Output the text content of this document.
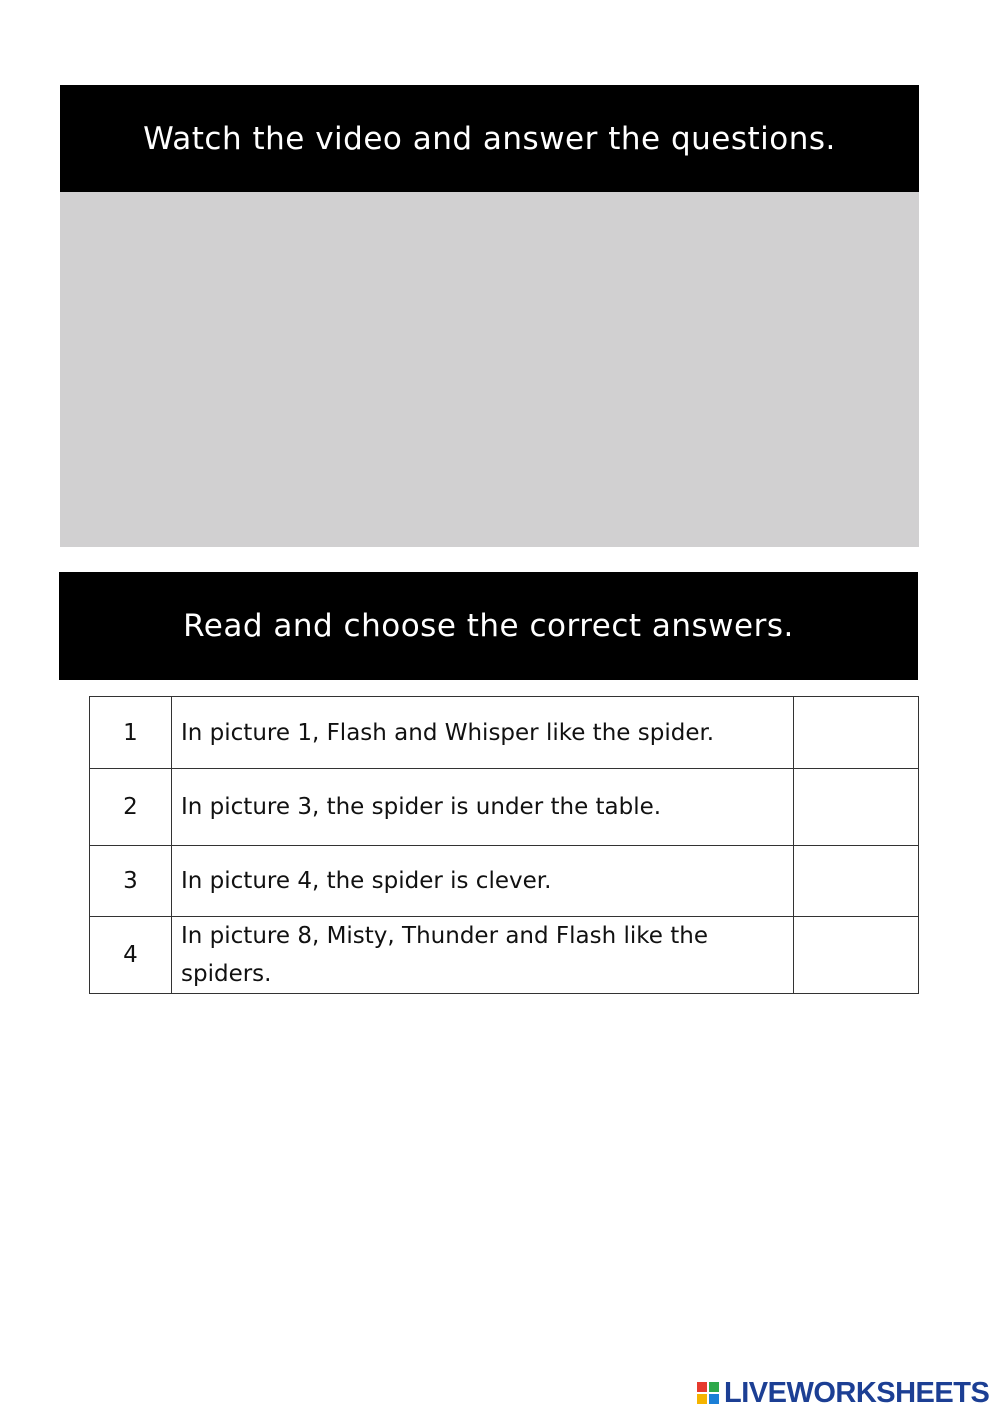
Watch the video and answer the questions.
Read and choose the correct answers.
1	In picture 1, Flash and Whisper like the spider.	
2	In picture 3, the spider is under the table.	
3	In picture 4, the spider is clever.	
4	In picture 8, Misty, Thunder and Flash like the spiders.	
LIVEWORKSHEETS
